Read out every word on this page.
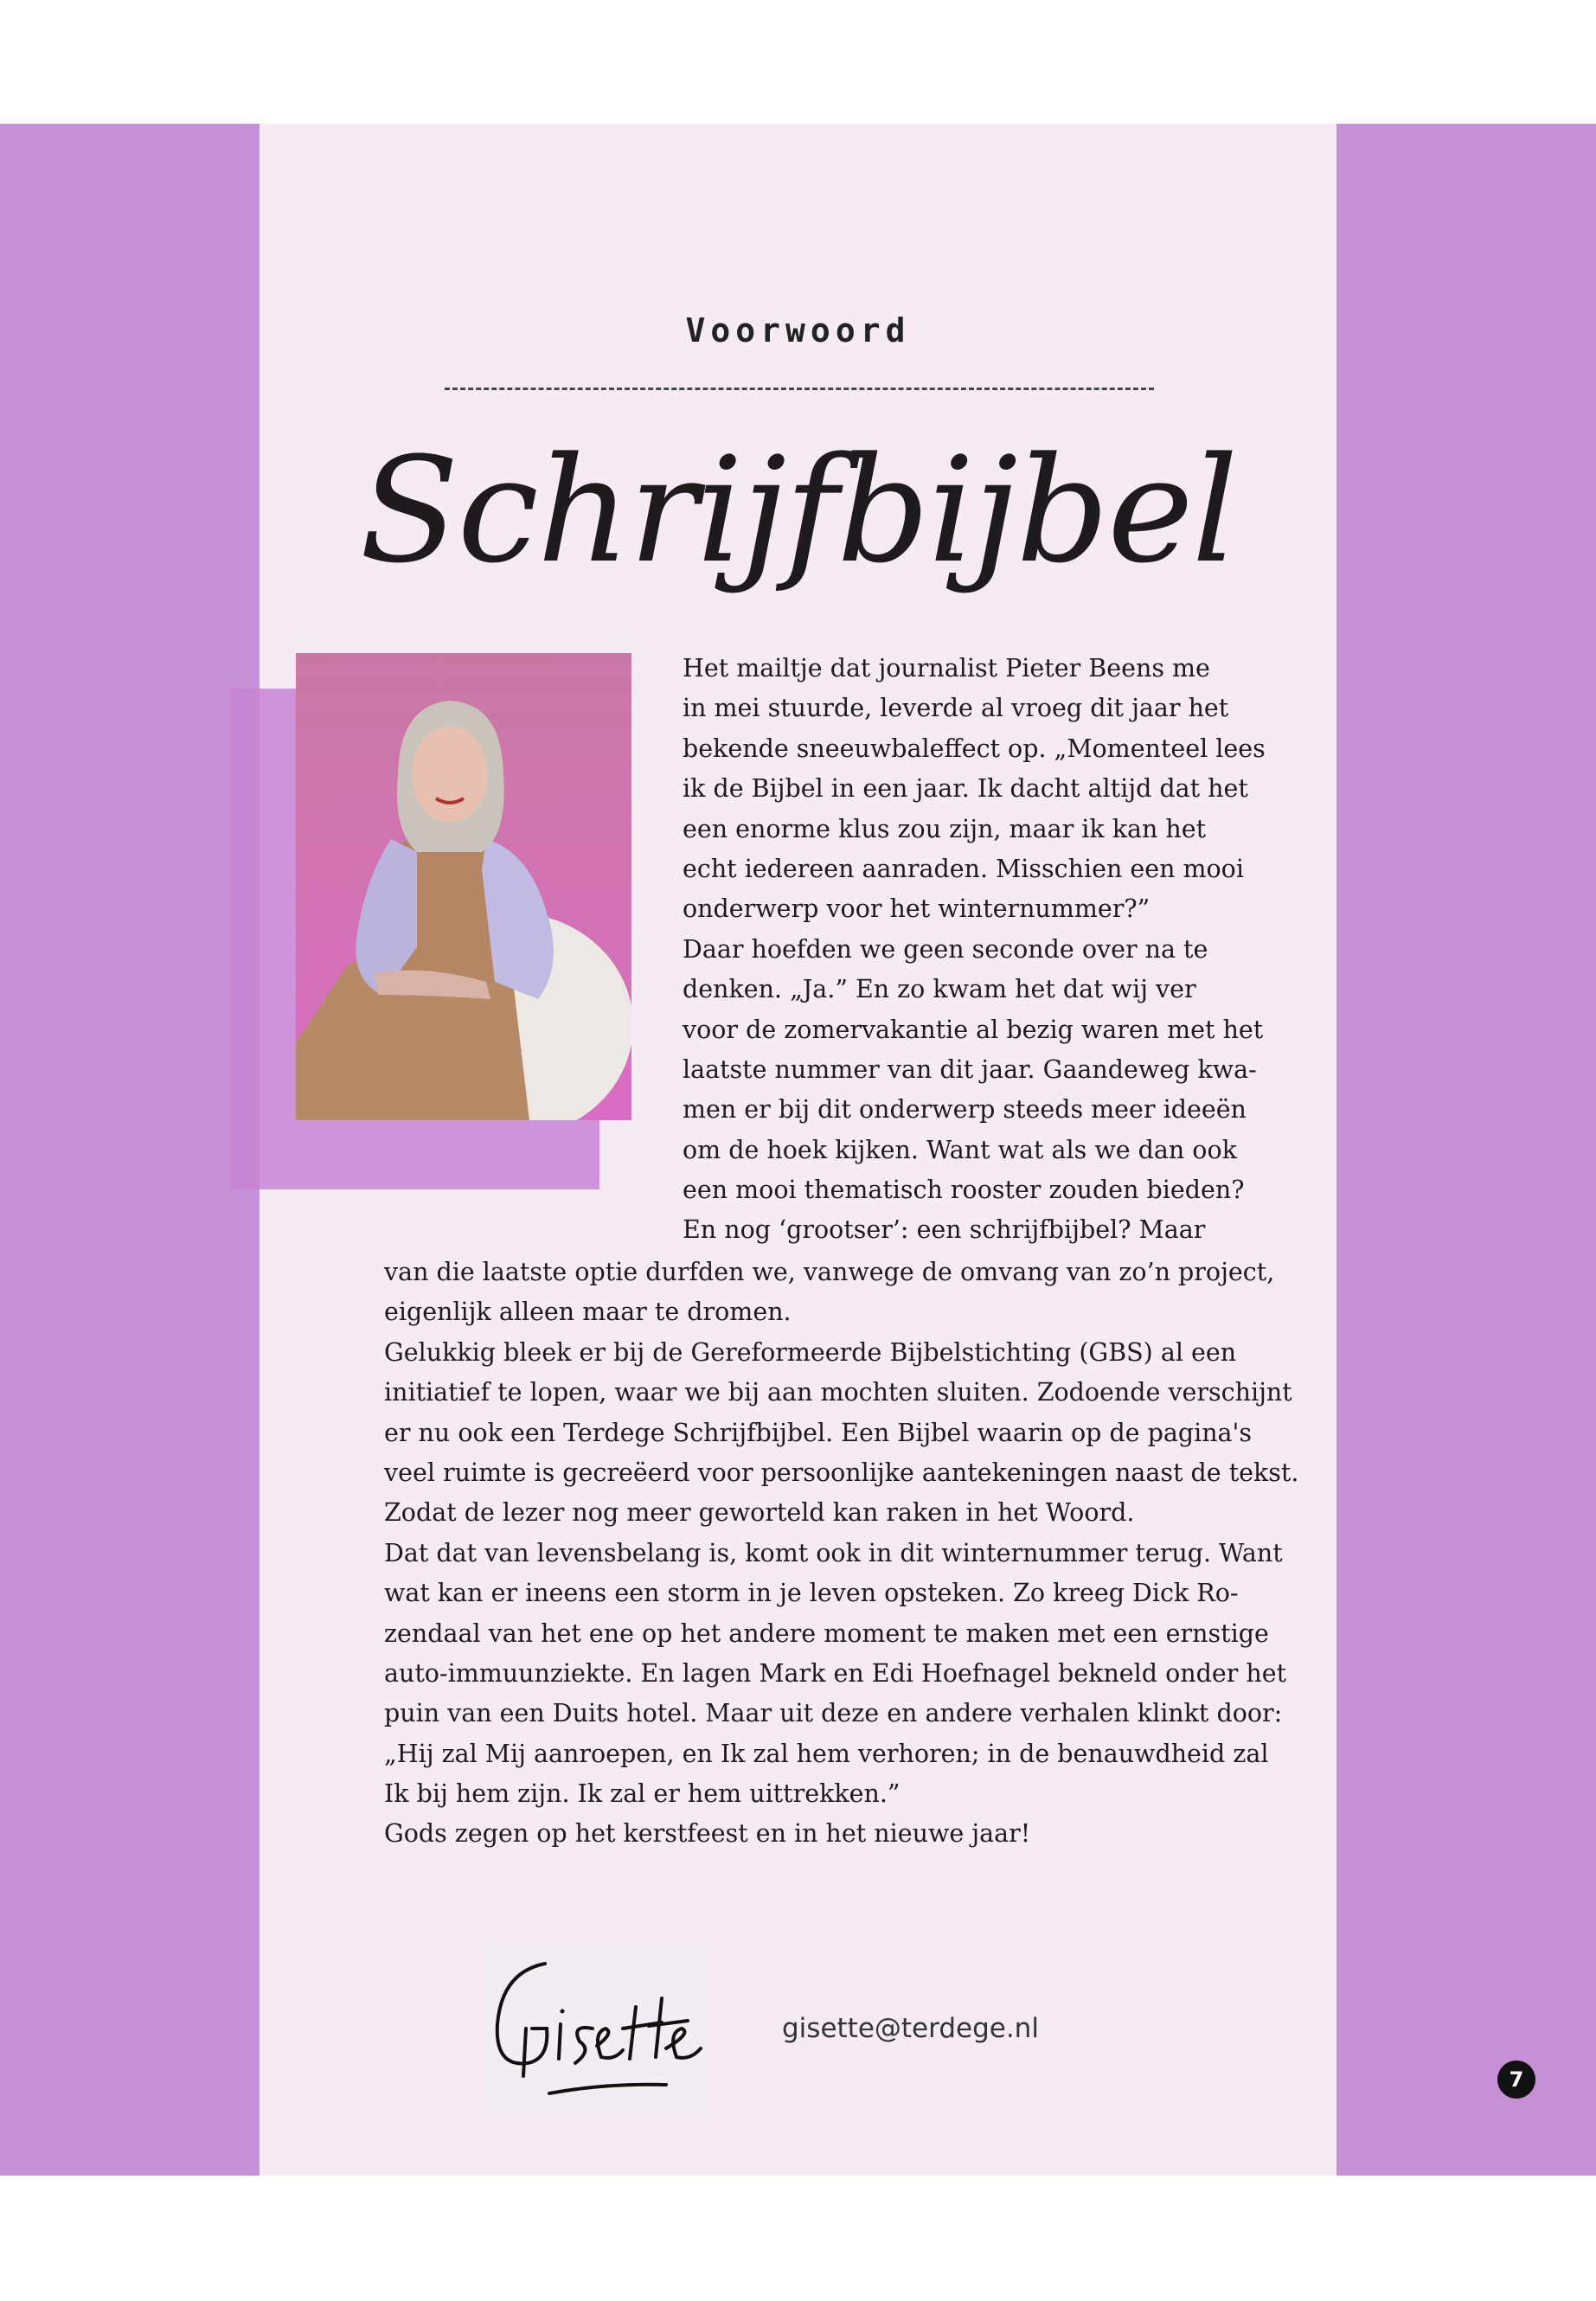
Voorwoord
Schrijfbijbel
Het mailtje dat journalist Pieter Beens me
in mei stuurde, leverde al vroeg dit jaar het
bekende sneeuwbaleffect op. „Momenteel lees
ik de Bijbel in een jaar. Ik dacht altijd dat het
een enorme klus zou zijn, maar ik kan het
echt iedereen aanraden. Misschien een mooi
onderwerp voor het winternummer?”
Daar hoefden we geen seconde over na te
denken. „Ja.” En zo kwam het dat wij ver
voor de zomervakantie al bezig waren met het
laatste nummer van dit jaar. Gaandeweg kwa-
men er bij dit onderwerp steeds meer ideeën
om de hoek kijken. Want wat als we dan ook
een mooi thematisch rooster zouden bieden?
En nog ‘grootser’: een schrijfbijbel? Maar
van die laatste optie durfden we, vanwege de omvang van zo’n project,
eigenlijk alleen maar te dromen.
Gelukkig bleek er bij de Gereformeerde Bijbelstichting (GBS) al een
initiatief te lopen, waar we bij aan mochten sluiten. Zodoende verschijnt
er nu ook een Terdege Schrijfbijbel. Een Bijbel waarin op de pagina's
veel ruimte is gecreëerd voor persoonlijke aantekeningen naast de tekst.
Zodat de lezer nog meer geworteld kan raken in het Woord.
Dat dat van levensbelang is, komt ook in dit winternummer terug. Want
wat kan er ineens een storm in je leven opsteken. Zo kreeg Dick Ro-
zendaal van het ene op het andere moment te maken met een ernstige
auto-immuunziekte. En lagen Mark en Edi Hoefnagel bekneld onder het
puin van een Duits hotel. Maar uit deze en andere verhalen klinkt door:
„Hij zal Mij aanroepen, en Ik zal hem verhoren; in de benauwdheid zal
Ik bij hem zijn. Ik zal er hem uittrekken.”
Gods zegen op het kerstfeest en in het nieuwe jaar!
gisette@terdege.nl
7
